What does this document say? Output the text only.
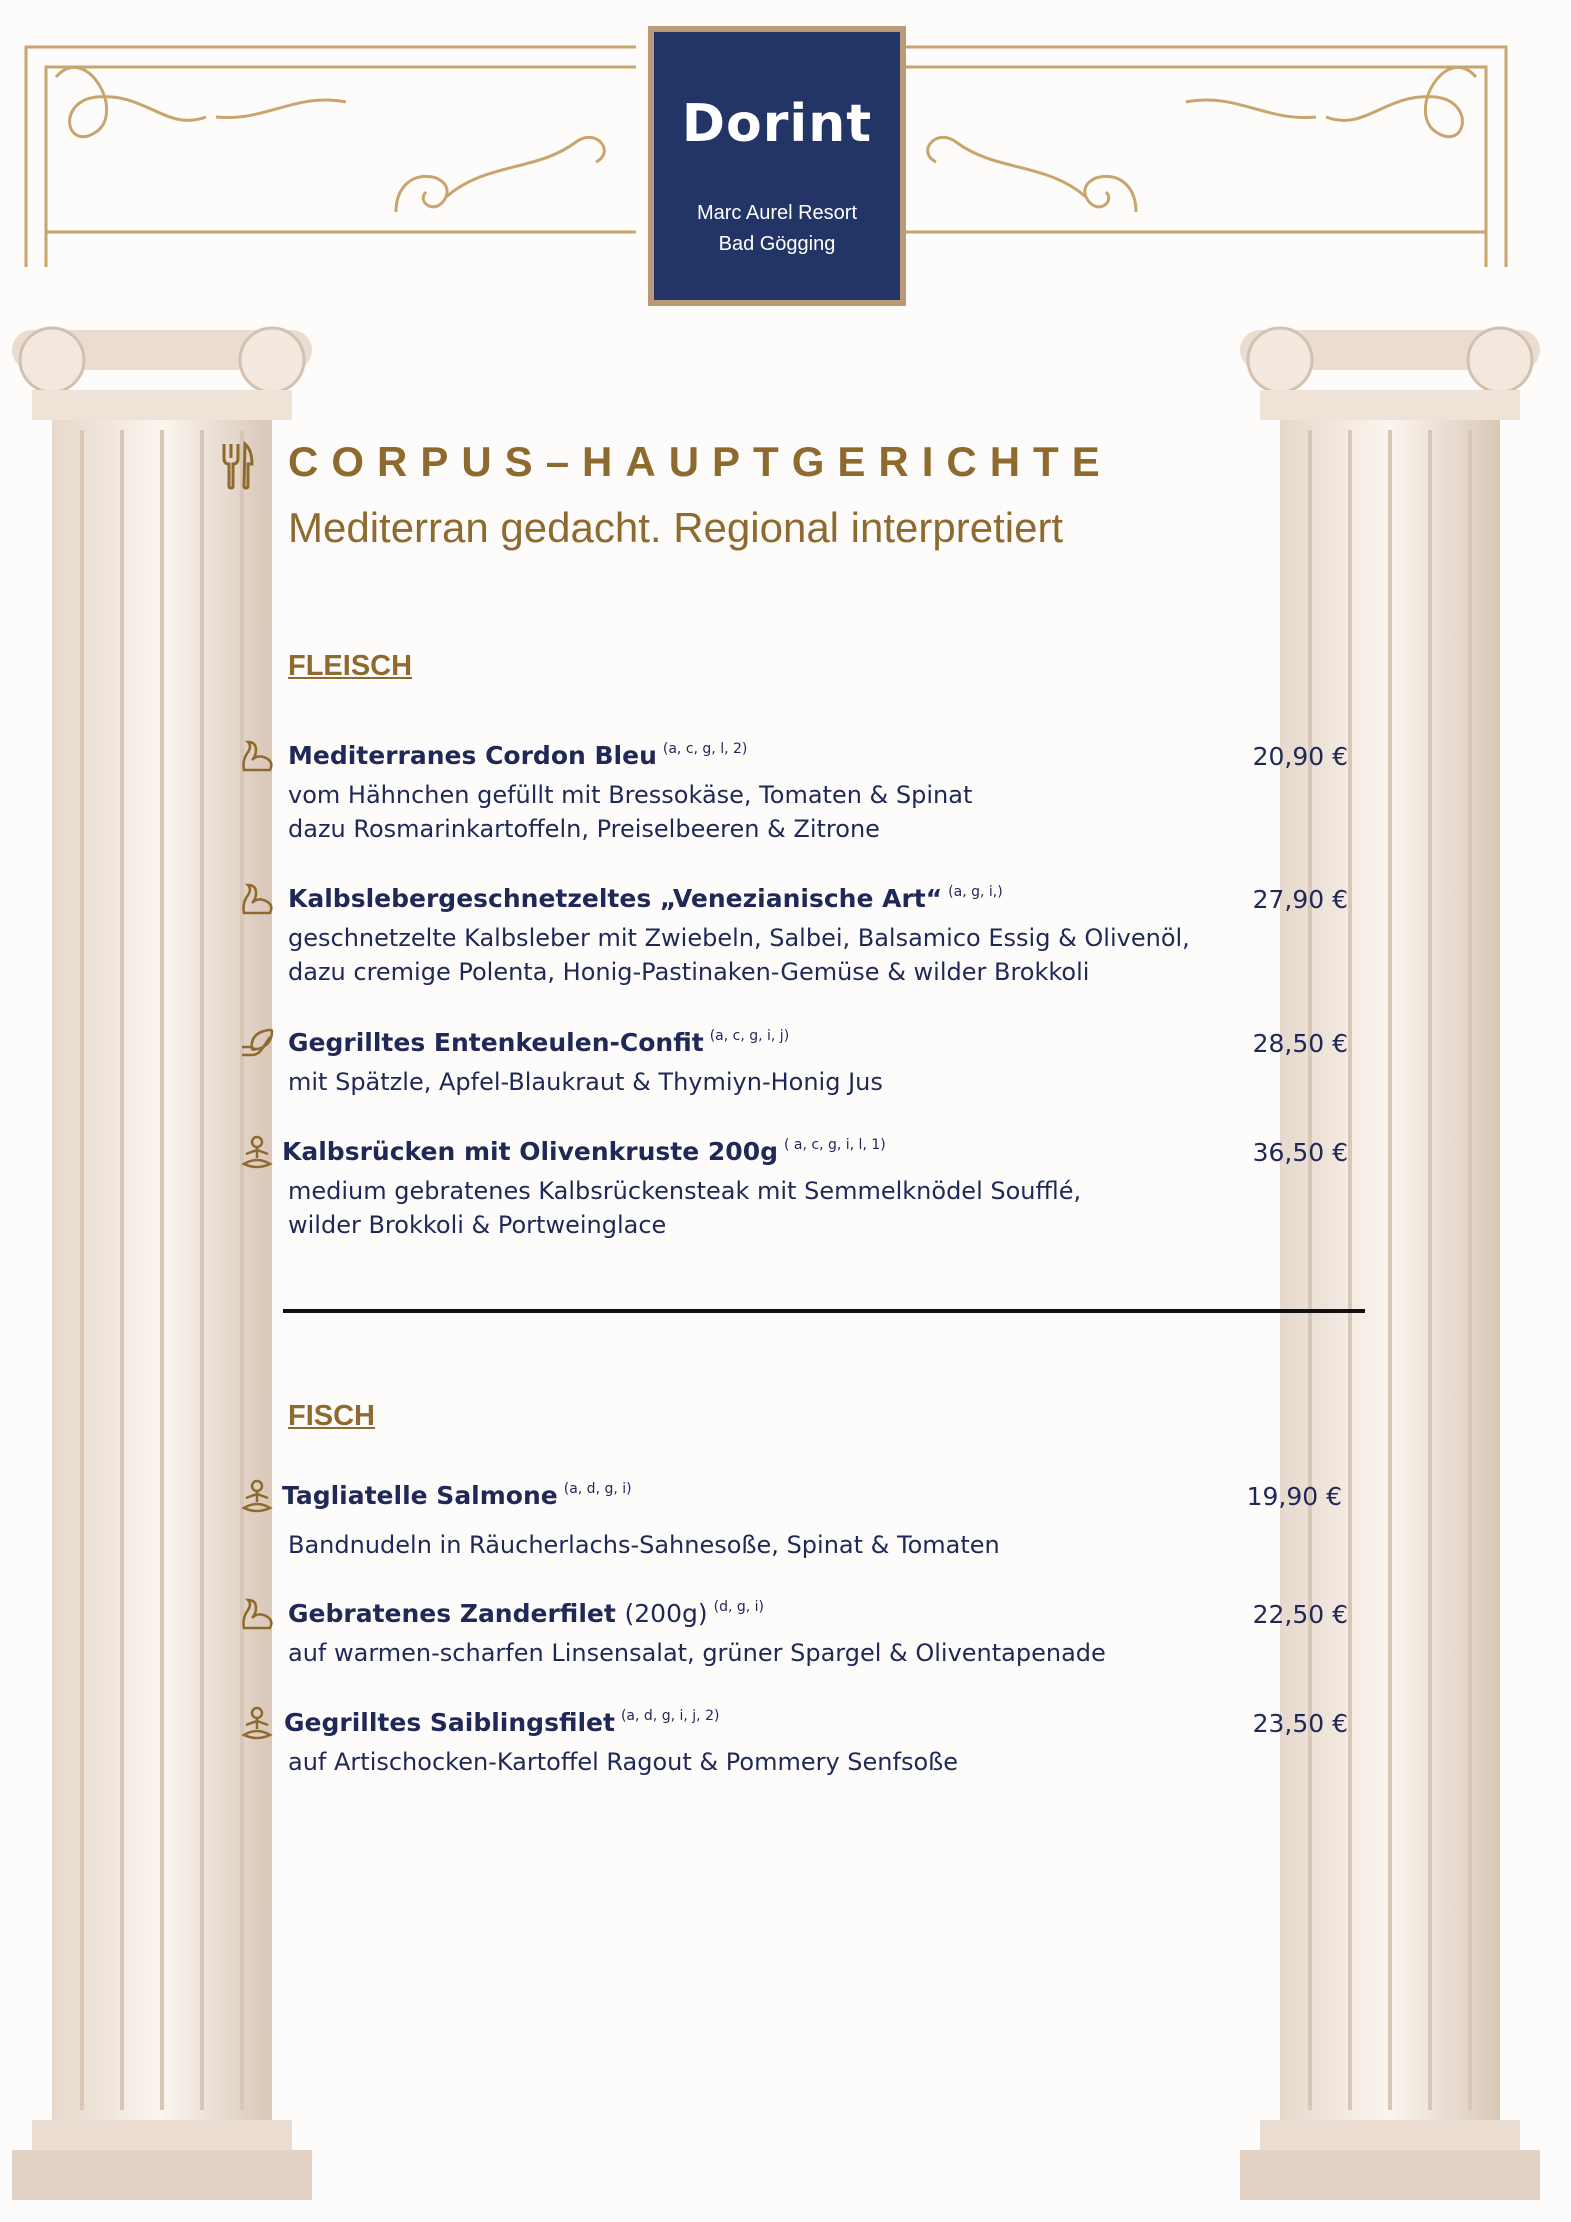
Dorint
Marc Aurel Resort
Bad Gögging
CORPUS–HAUPTGERICHTE
Mediterran gedacht. Regional interpretiert
FLEISCH
Mediterranes Cordon Bleu $^{(a, c, g, l, 2)}$
vom Hähnchen gefüllt mit Bressokäse, Tomaten & Spinat
dazu Rosmarinkartoffeln, Preiselbeeren & Zitrone
20,90 €
Kalbslebergeschnetzeltes „Venezianische Art“ $^{(a, g, i,)}$
geschnetzelte Kalbsleber mit Zwiebeln, Salbei, Balsamico Essig & Olivenöl,
dazu cremige Polenta, Honig-Pastinaken-Gemüse & wilder Brokkoli
27,90 €
Gegrilltes Entenkeulen-Confit $^{(a, c, g, i, j)}$
mit Spätzle, Apfel-Blaukraut & Thymiyn-Honig Jus
28,50 €
Kalbsrücken mit Olivenkruste 200g $^{( a, c, g, i, l, 1)}$
medium gebratenes Kalbsrückensteak mit Semmelknödel Soufflé,
wilder Brokkoli & Portweinglace
36,50 €
FISCH
Tagliatelle Salmone $^{(a, d, g, i)}$
Bandnudeln in Räucherlachs-Sahnesoße, Spinat & Tomaten
19,90 €
Gebratenes Zanderfilet (200g) $^{(d, g, i)}$
auf warmen-scharfen Linsensalat, grüner Spargel & Oliventapenade
22,50 €
Gegrilltes Saiblingsfilet $^{(a, d, g, i, j, 2)}$
auf Artischocken-Kartoffel Ragout & Pommery Senfsoße
23,50 €
